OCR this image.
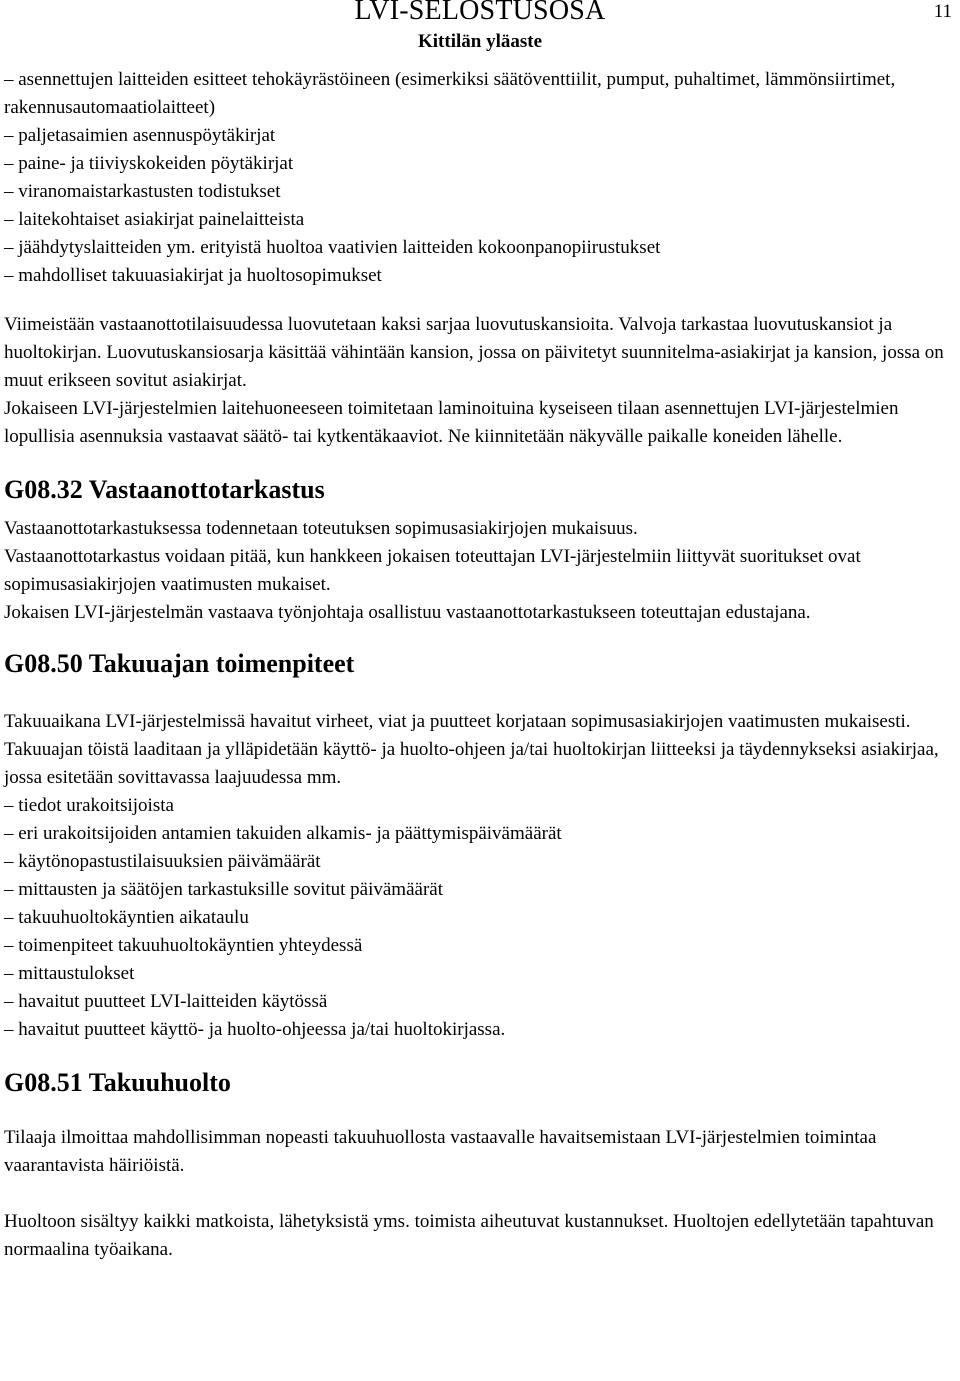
LVI-SELOSTUSOSA
Kittilän yläaste
11
– asennettujen laitteiden esitteet tehokäyrästöineen (esimerkiksi säätöventtiilit, pumput, puhaltimet, lämmönsiirtimet, rakennusautomaatiolaitteet)
– paljetasaimien asennuspöytäkirjat
– paine- ja tiiviyskokeiden pöytäkirjat
– viranomaistarkastusten todistukset
– laitekohtaiset asiakirjat painelaitteista
– jäähdytyslaitteiden ym. erityistä huoltoa vaativien laitteiden kokoonpanopiirustukset
– mahdolliset takuuasiakirjat ja huoltosopimukset

Viimeistään vastaanottotilaisuudessa luovutetaan kaksi sarjaa luovutuskansioita. Valvoja tarkastaa luovutuskansiot ja huoltokirjan. Luovutuskansiosarja käsittää vähintään kansion, jossa on päivitetyt suunnitelma-asiakirjat ja kansion, jossa on muut erikseen sovitut asiakirjat.

Jokaiseen LVI-järjestelmien laitehuoneeseen toimitetaan laminoituina kyseiseen tilaan asennettujen LVI-järjestelmien lopullisia asennuksia vastaavat säätö- tai kytkentäkaaviot. Ne kiinnitetään näkyvälle paikalle koneiden lähelle.

G08.32 Vastaanottotarkastus

Vastaanottotarkastuksessa todennetaan toteutuksen sopimusasiakirjojen mukaisuus.

Vastaanottotarkastus voidaan pitää, kun hankkeen jokaisen toteuttajan LVI-järjestelmiin liittyvät suoritukset ovat sopimusasiakirjojen vaatimusten mukaiset.

Jokaisen LVI-järjestelmän vastaava työnjohtaja osallistuu vastaanottotarkastukseen toteuttajan edustajana.

G08.50 Takuuajan toimenpiteet

Takuuaikana LVI-järjestelmissä havaitut virheet, viat ja puutteet korjataan sopimusasiakirjojen vaatimusten mukaisesti.

Takuuajan töistä laaditaan ja ylläpidetään käyttö- ja huolto-ohjeen ja/tai huoltokirjan liitteeksi ja täydennykseksi asiakirjaa, jossa esitetään sovittavassa laajuudessa mm.

– tiedot urakoitsijoista
– eri urakoitsijoiden antamien takuiden alkamis- ja päättymispäivämäärät
– käytönopastustilaisuuksien päivämäärät
– mittausten ja säätöjen tarkastuksille sovitut päivämäärät
– takuuhuoltokäyntien aikataulu
– toimenpiteet takuuhuoltokäyntien yhteydessä
– mittaustulokset
– havaitut puutteet LVI-laitteiden käytössä
– havaitut puutteet käyttö- ja huolto-ohjeessa ja/tai huoltokirjassa.
G08.51 Takuuhuolto

Tilaaja ilmoittaa mahdollisimman nopeasti takuuhuollosta vastaavalle havaitsemistaan LVI-järjestelmien toimintaa vaarantavista häiriöistä.

Huoltoon sisältyy kaikki matkoista, lähetyksistä yms. toimista aiheutuvat kustannukset. Huoltojen edellytetään tapahtuvan normaalina työaikana.
